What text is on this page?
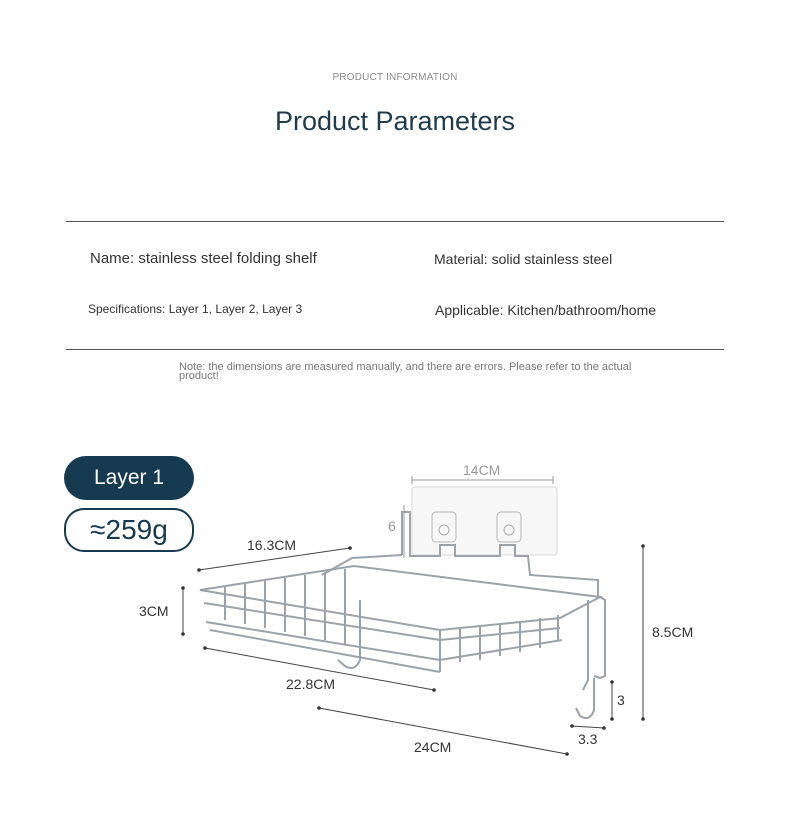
PRODUCT INFORMATION
Product Parameters
Name: stainless steel folding shelf	Material: solid stainless steel
Specifications: Layer 1, Layer 2, Layer 3	Applicable: Kitchen/bathroom/home
Note: the dimensions are measured manually, and there are errors. Please refer to the actual product!
Layer 1
≈259g
14CM
6
16.3CM
3CM
8.5CM
22.8CM
3
3.3
24CM
